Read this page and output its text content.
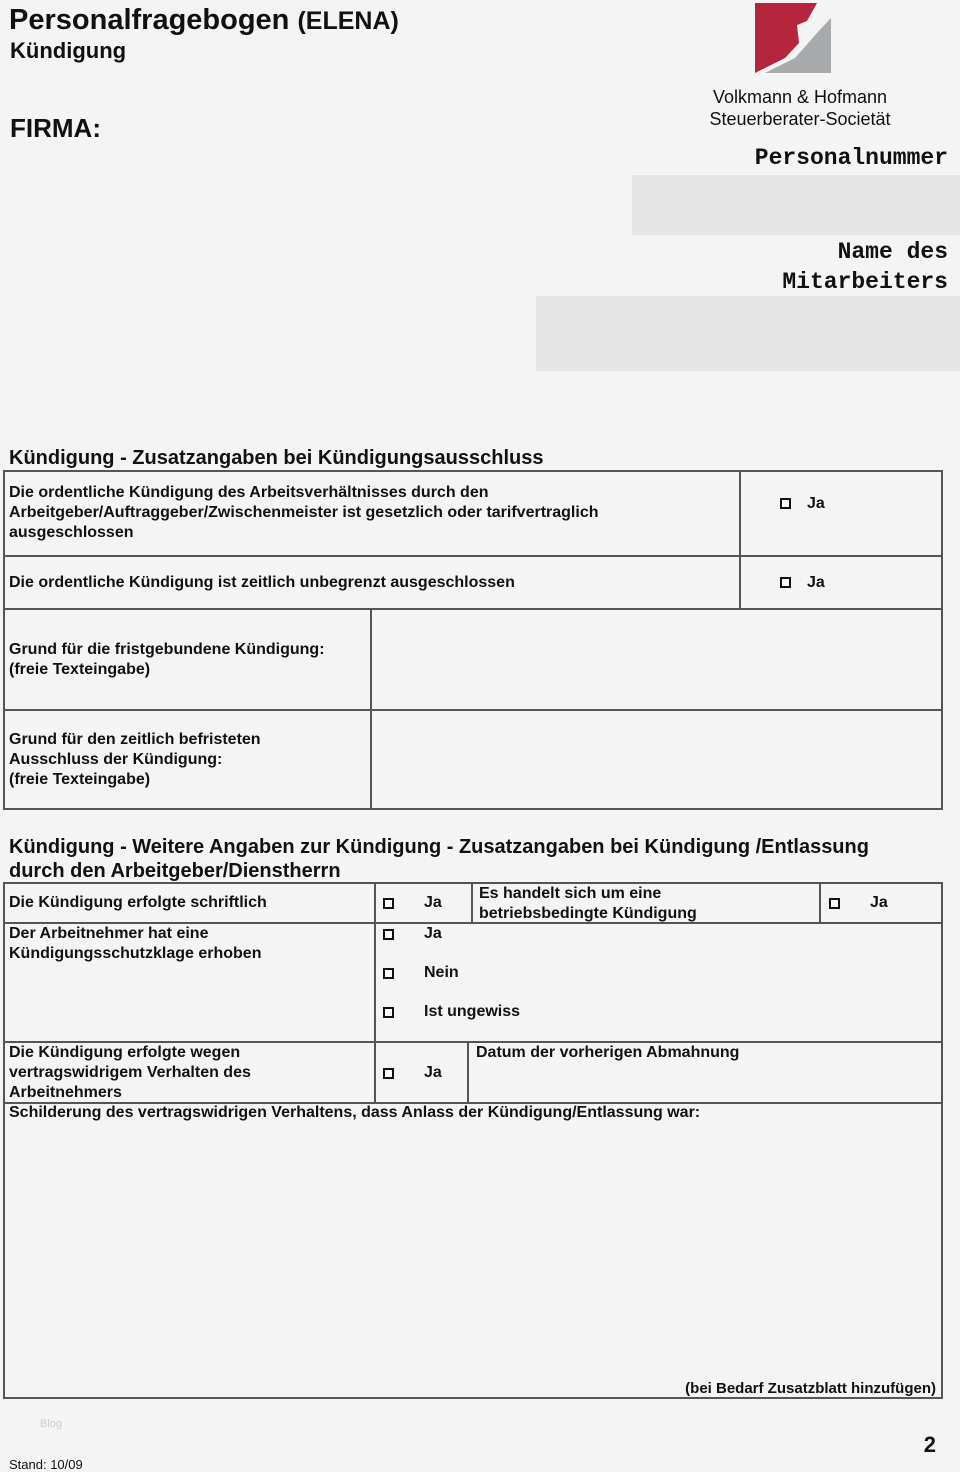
Personalfragebogen (ELENA)
Kündigung
FIRMA:
Volkmann & Hofmann
Steuerberater-Societät
Personalnummer
Name des
Mitarbeiters
Kündigung - Zusatzangaben bei Kündigungsausschluss
Die ordentliche Kündigung des Arbeitsverhältnisses durch den
Arbeitgeber/Auftraggeber/Zwischenmeister ist gesetzlich oder tarifvertraglich
ausgeschlossen
Ja
Die ordentliche Kündigung ist zeitlich unbegrenzt ausgeschlossen	Ja
Grund für die fristgebundene Kündigung:
(freie Texteingabe)
Grund für den zeitlich befristeten
Ausschluss der Kündigung:
(freie Texteingabe)
Kündigung - Weitere Angaben zur Kündigung - Zusatzangaben bei Kündigung /Entlassung
durch den Arbeitgeber/Dienstherrn
Die Kündigung erfolgte schriftlich	Ja
Es handelt sich um eine
betriebsbedingte Kündigung
Ja
Der Arbeitnehmer hat eine
Kündigungsschutzklage erhoben
Ja
Nein
Ist ungewiss
Die Kündigung erfolgte wegen
vertragswidrigem Verhalten des
Arbeitnehmers
Ja
Datum der vorherigen Abmahnung
Schilderung des vertragswidrigen Verhaltens, dass Anlass der Kündigung/Entlassung war:
(bei Bedarf Zusatzblatt hinzufügen)
Blog
2
Stand: 10/09
